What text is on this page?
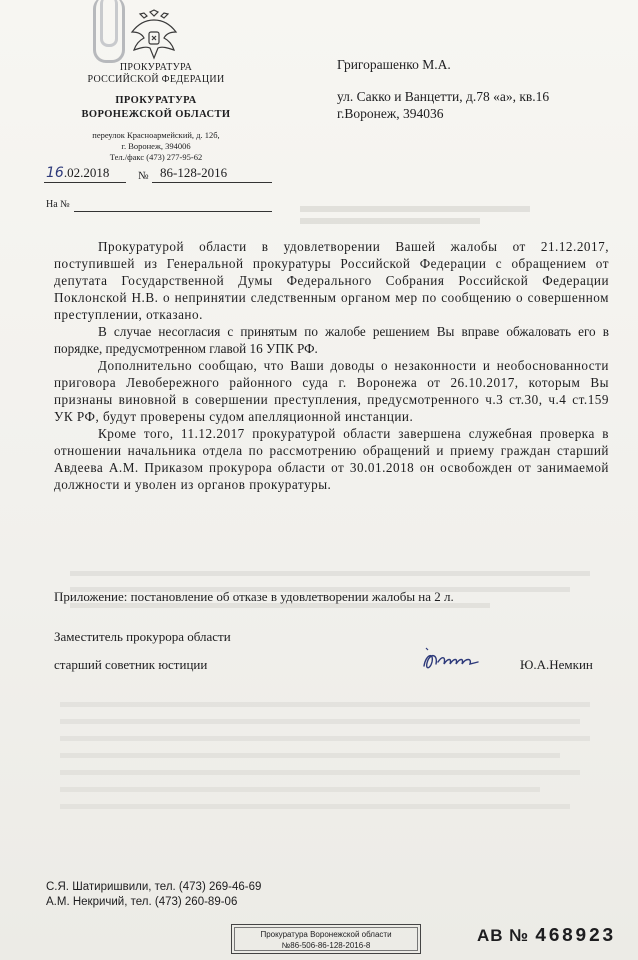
ПРОКУРАТУРА
РОССИЙСКОЙ ФЕДЕРАЦИИ
ПРОКУРАТУРА
ВОРОНЕЖСКОЙ ОБЛАСТИ
переулок Красноармейский, д. 12б,
г. Воронеж, 394006
Тел./факс (473) 277-95-62
Григорашенко М.А.
ул. Сакко и Ванцетти, д.78 «а», кв.16
г.Воронеж, 394036
16.02.2018	№ 86-128-2016
На №

Прокуратурой области в удовлетворении Вашей жалобы от 21.12.2017, поступившей из Генеральной прокуратуры Российской Федерации с обращением от депутата Государственной Думы Федерального Собрания Российской Федерации Поклонской Н.В. о непринятии следственным органом мер по сообщению о совершенном преступлении, отказано.

В случае несогласия с принятым по жалобе решением Вы вправе обжаловать его в порядке, предусмотренном главой 16 УПК РФ.

Дополнительно сообщаю, что Ваши доводы о незаконности и необоснованности приговора Левобережного районного суда г. Воронежа от 26.10.2017, которым Вы признаны виновной в совершении преступления, предусмотренного ч.3 ст.30, ч.4 ст.159 УК РФ, будут проверены судом апелляционной инстанции.

Кроме того, 11.12.2017 прокуратурой области завершена служебная проверка в отношении начальника отдела по рассмотрению обращений и приему граждан старший Авдеева А.М. Приказом прокурора области от 30.01.2018 он освобожден от занимаемой должности и уволен из органов прокуратуры.

Приложение: постановление об отказе в удовлетворении жалобы на 2 л.
Заместитель прокурора области
старший советник юстиции	Ю.А.Немкин
С.Я. Шатиришвили, тел. (473) 269-46-69
А.М. Некричий, тел. (473) 260-89-06
Прокуратура Воронежской области
№86-506-86-128-2016-8
АВ № 468923
